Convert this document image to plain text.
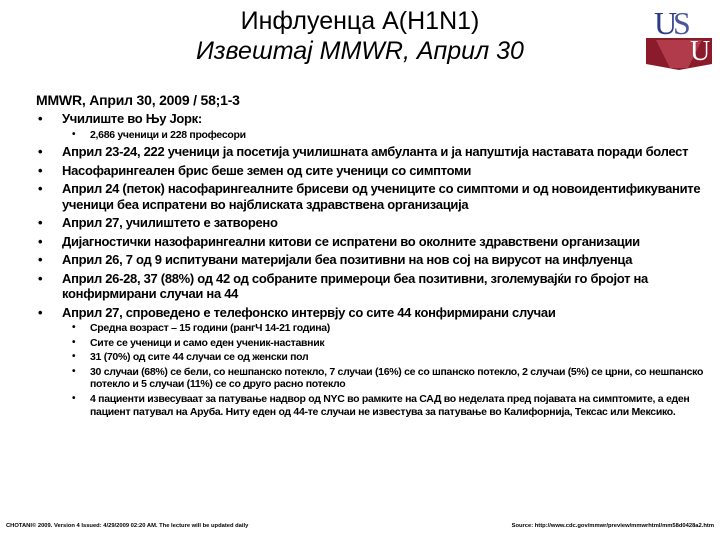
Инфлуенца A(H1N1)
Извештај MMWR, Април 30
U
S
U
MMWR, Април 30, 2009 / 58;1-3
• Училиште во Њу Јорк:
• 2,686 ученици и 228 професори
• Април 23-24, 222 ученици ја посетија училишната амбуланта и ја напуштија наставата поради болест
• Насофарингеален брис беше земен од сите ученици со симптоми
• Април 24 (петок) насофарингеалните брисеви од учениците со симптоми и од новоидентификуваните ученици беа испратени во најблиската здравствена организација
• Април 27, училиштето е затворено
• Дијагностички назофарингеални китови се испратени во околните здравствени организации
• Април 26, 7 од 9 испитувани материјали беа позитивни на нов сој на вирусот на инфлуенца
• Април 26-28, 37 (88%) од 42 од собраните примероци беа позитивни, зголемувајќи го бројот на конфирмирани случаи на 44
• Април 27, спроведено е телефонско интервју со сите 44 конфирмирани случаи
• Средна возраст – 15 години (рангЧ 14-21 година)
• Сите се ученици и само еден ученик-наставник
• 31 (70%) од сите 44 случаи се од женски пол
• 30 случаи (68%) се бели, со нешпанско потекло, 7 случаи (16%) се со шпанско потекло, 2 случаи (5%) се црни, со нешпанско потекло и 5 случаи (11%) се со друго расно потекло
• 4 пациенти извесуваат за патување надвор од NYC во рамките на САД во неделата пред појавата на симптомите, а еден пациент патувал на Аруба. Ниту еден од 44-те случаи не известува за патување во Калифорнија, Тексас или Мексико.
CHOTANI© 2009. Version 4 Issued: 4/29/2009 02:20 AM. The lecture will be updated daily	Source: http://www.cdc.gov/mmwr/preview/mmwrhtml/mm58d0428a2.htm
